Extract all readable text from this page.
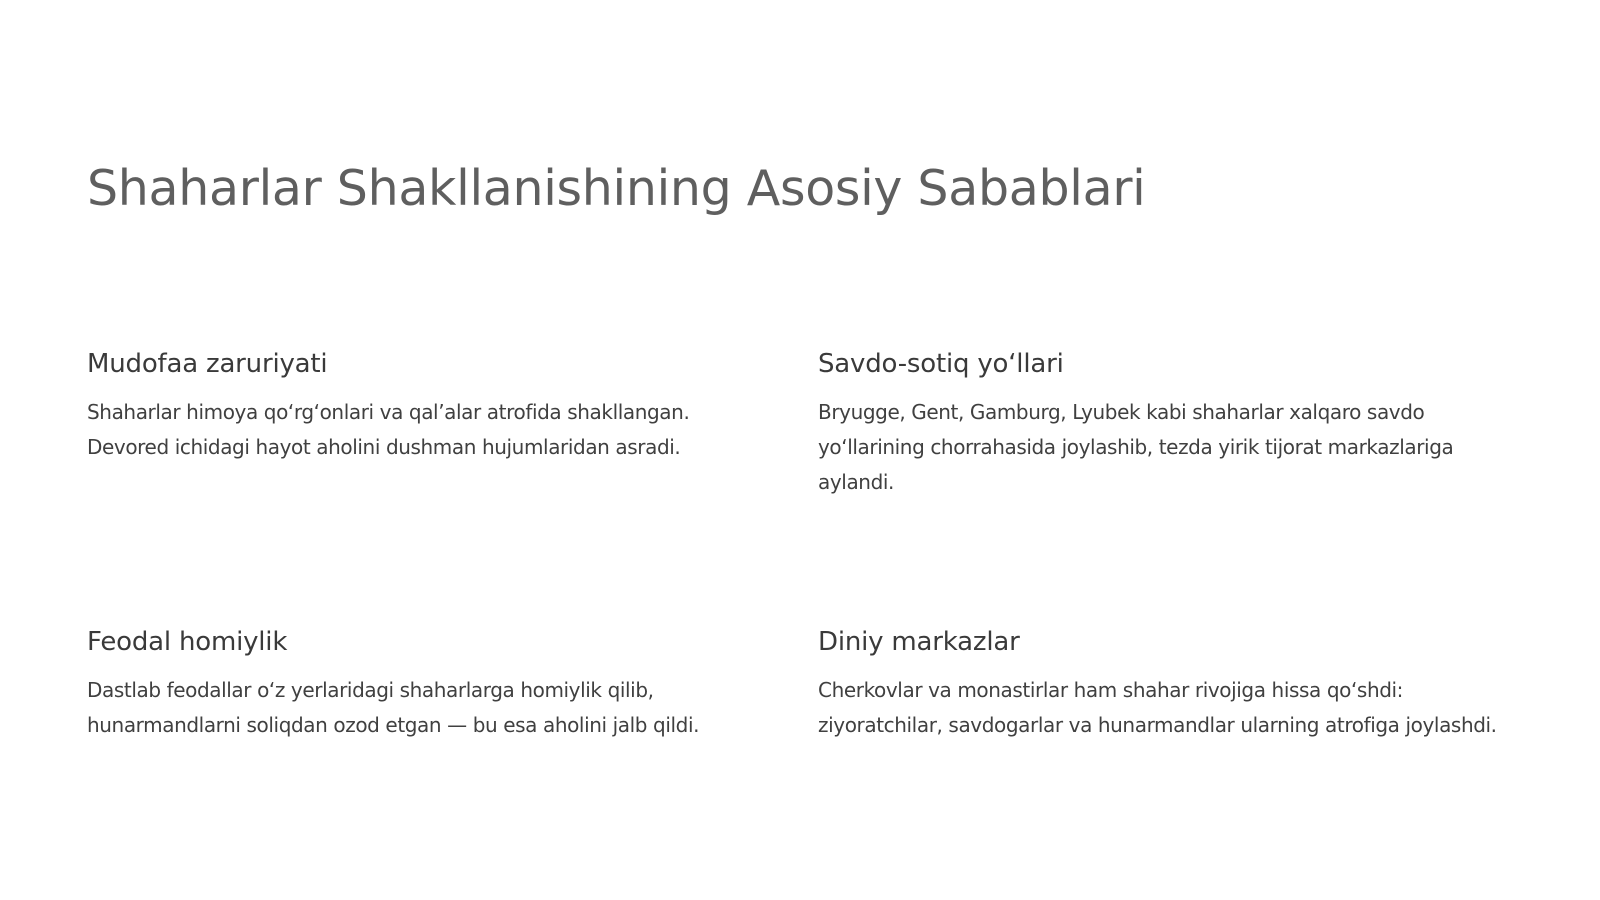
Shaharlar Shakllanishining Asosiy Sabablari
Mudofaa zaruriyati

Shaharlar himoya qo‘rg‘onlari va qal’alar atrofida shakllangan. Devored ichidagi hayot aholini dushman hujumlaridan asradi.

Savdo-sotiq yo‘llari

Bryugge, Gent, Gamburg, Lyubek kabi shaharlar xalqaro savdo yo‘llarining chorrahasida joylashib, tezda yirik tijorat markazlariga aylandi.

Feodal homiylik

Dastlab feodallar o‘z yerlaridagi shaharlarga homiylik qilib, hunarmandlarni soliqdan ozod etgan — bu esa aholini jalb qildi.

Diniy markazlar

Cherkovlar va monastirlar ham shahar rivojiga hissa qo‘shdi: ziyoratchilar, savdogarlar va hunarmandlar ularning atrofiga joylashdi.
